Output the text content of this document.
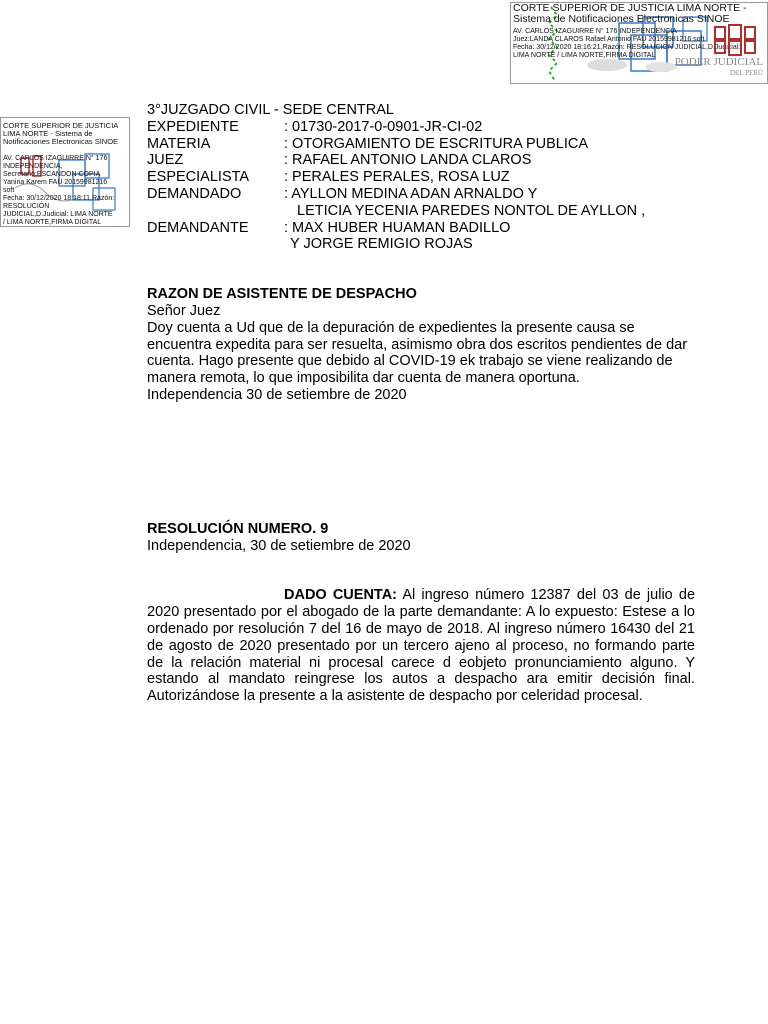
CORTE SUPERIOR DE JUSTICIA LIMA NORTE - Sistema de Notificaciones Electronicas SINOE
AV. CARLOS IZAGUIRRE N° 176 INDEPENDENCIA
Juez:LANDA CLAROS Rafael Antonio FAU 20159981216 soft
Fecha: 30/12/2020 18:16:21,Razón: RESOLUCIÓN JUDICIAL,D.Judicial:
LIMA NORTE / LIMA NORTE,FIRMA DIGITAL
PODER JUDICIAL
DEL PERÚ
CORTE SUPERIOR DE JUSTICIA LIMA NORTE - Sistema de Notificaciones Electronicas SINOE
AV. CARLOS IZAGUIRRE N° 176
INDEPENDENCIA,
Secretario:ESCANDON COPIA
Yanina Karem FAU 20159981216
soft
Fecha: 30/12/2020 18:18:11,Razón:
RESOLUCIÓN
JUDICIAL,D.Judicial: LIMA NORTE
/ LIMA NORTE,FIRMA DIGITAL
3°JUZGADO CIVIL - SEDE CENTRAL
EXPEDIENTE	: 01730-2017-0-0901-JR-CI-02
MATERIA	: OTORGAMIENTO DE ESCRITURA PUBLICA
JUEZ	: RAFAEL ANTONIO LANDA CLAROS
ESPECIALISTA : PERALES PERALES, ROSA LUZ
DEMANDADO	: AYLLON MEDINA ADAN ARNALDO Y
LETICIA YECENIA PAREDES NONTOL DE AYLLON ,
DEMANDANTE : MAX HUBER HUAMAN BADILLO
Y JORGE REMIGIO ROJAS
RAZON DE ASISTENTE DE DESPACHO
Señor Juez

Doy cuenta a Ud que de la depuración de expedientes la presente causa se encuentra expedita para ser resuelta, asimismo obra dos escritos pendientes de dar cuenta. Hago presente que debido al COVID-19 ek trabajo se viene realizando de manera remota, lo que imposibilita dar cuenta de manera oportuna.

Independencia 30 de setiembre de 2020
RESOLUCIÓN NUMERO. 9
Independencia, 30 de setiembre de 2020

DADO CUENTA: Al ingreso número 12387 del 03 de julio de 2020 presentado por el abogado de la parte demandante: A lo expuesto: Estese a lo ordenado por resolución 7 del 16 de mayo de 2018. Al ingreso número 16430 del 21 de agosto de 2020 presentado por un tercero ajeno al proceso, no formando parte de la relación material ni procesal carece d eobjeto pronunciamiento alguno. Y estando al mandato reingrese los autos a despacho ara emitir decisión final. Autorizándose la presente a la asistente de despacho por celeridad procesal.
